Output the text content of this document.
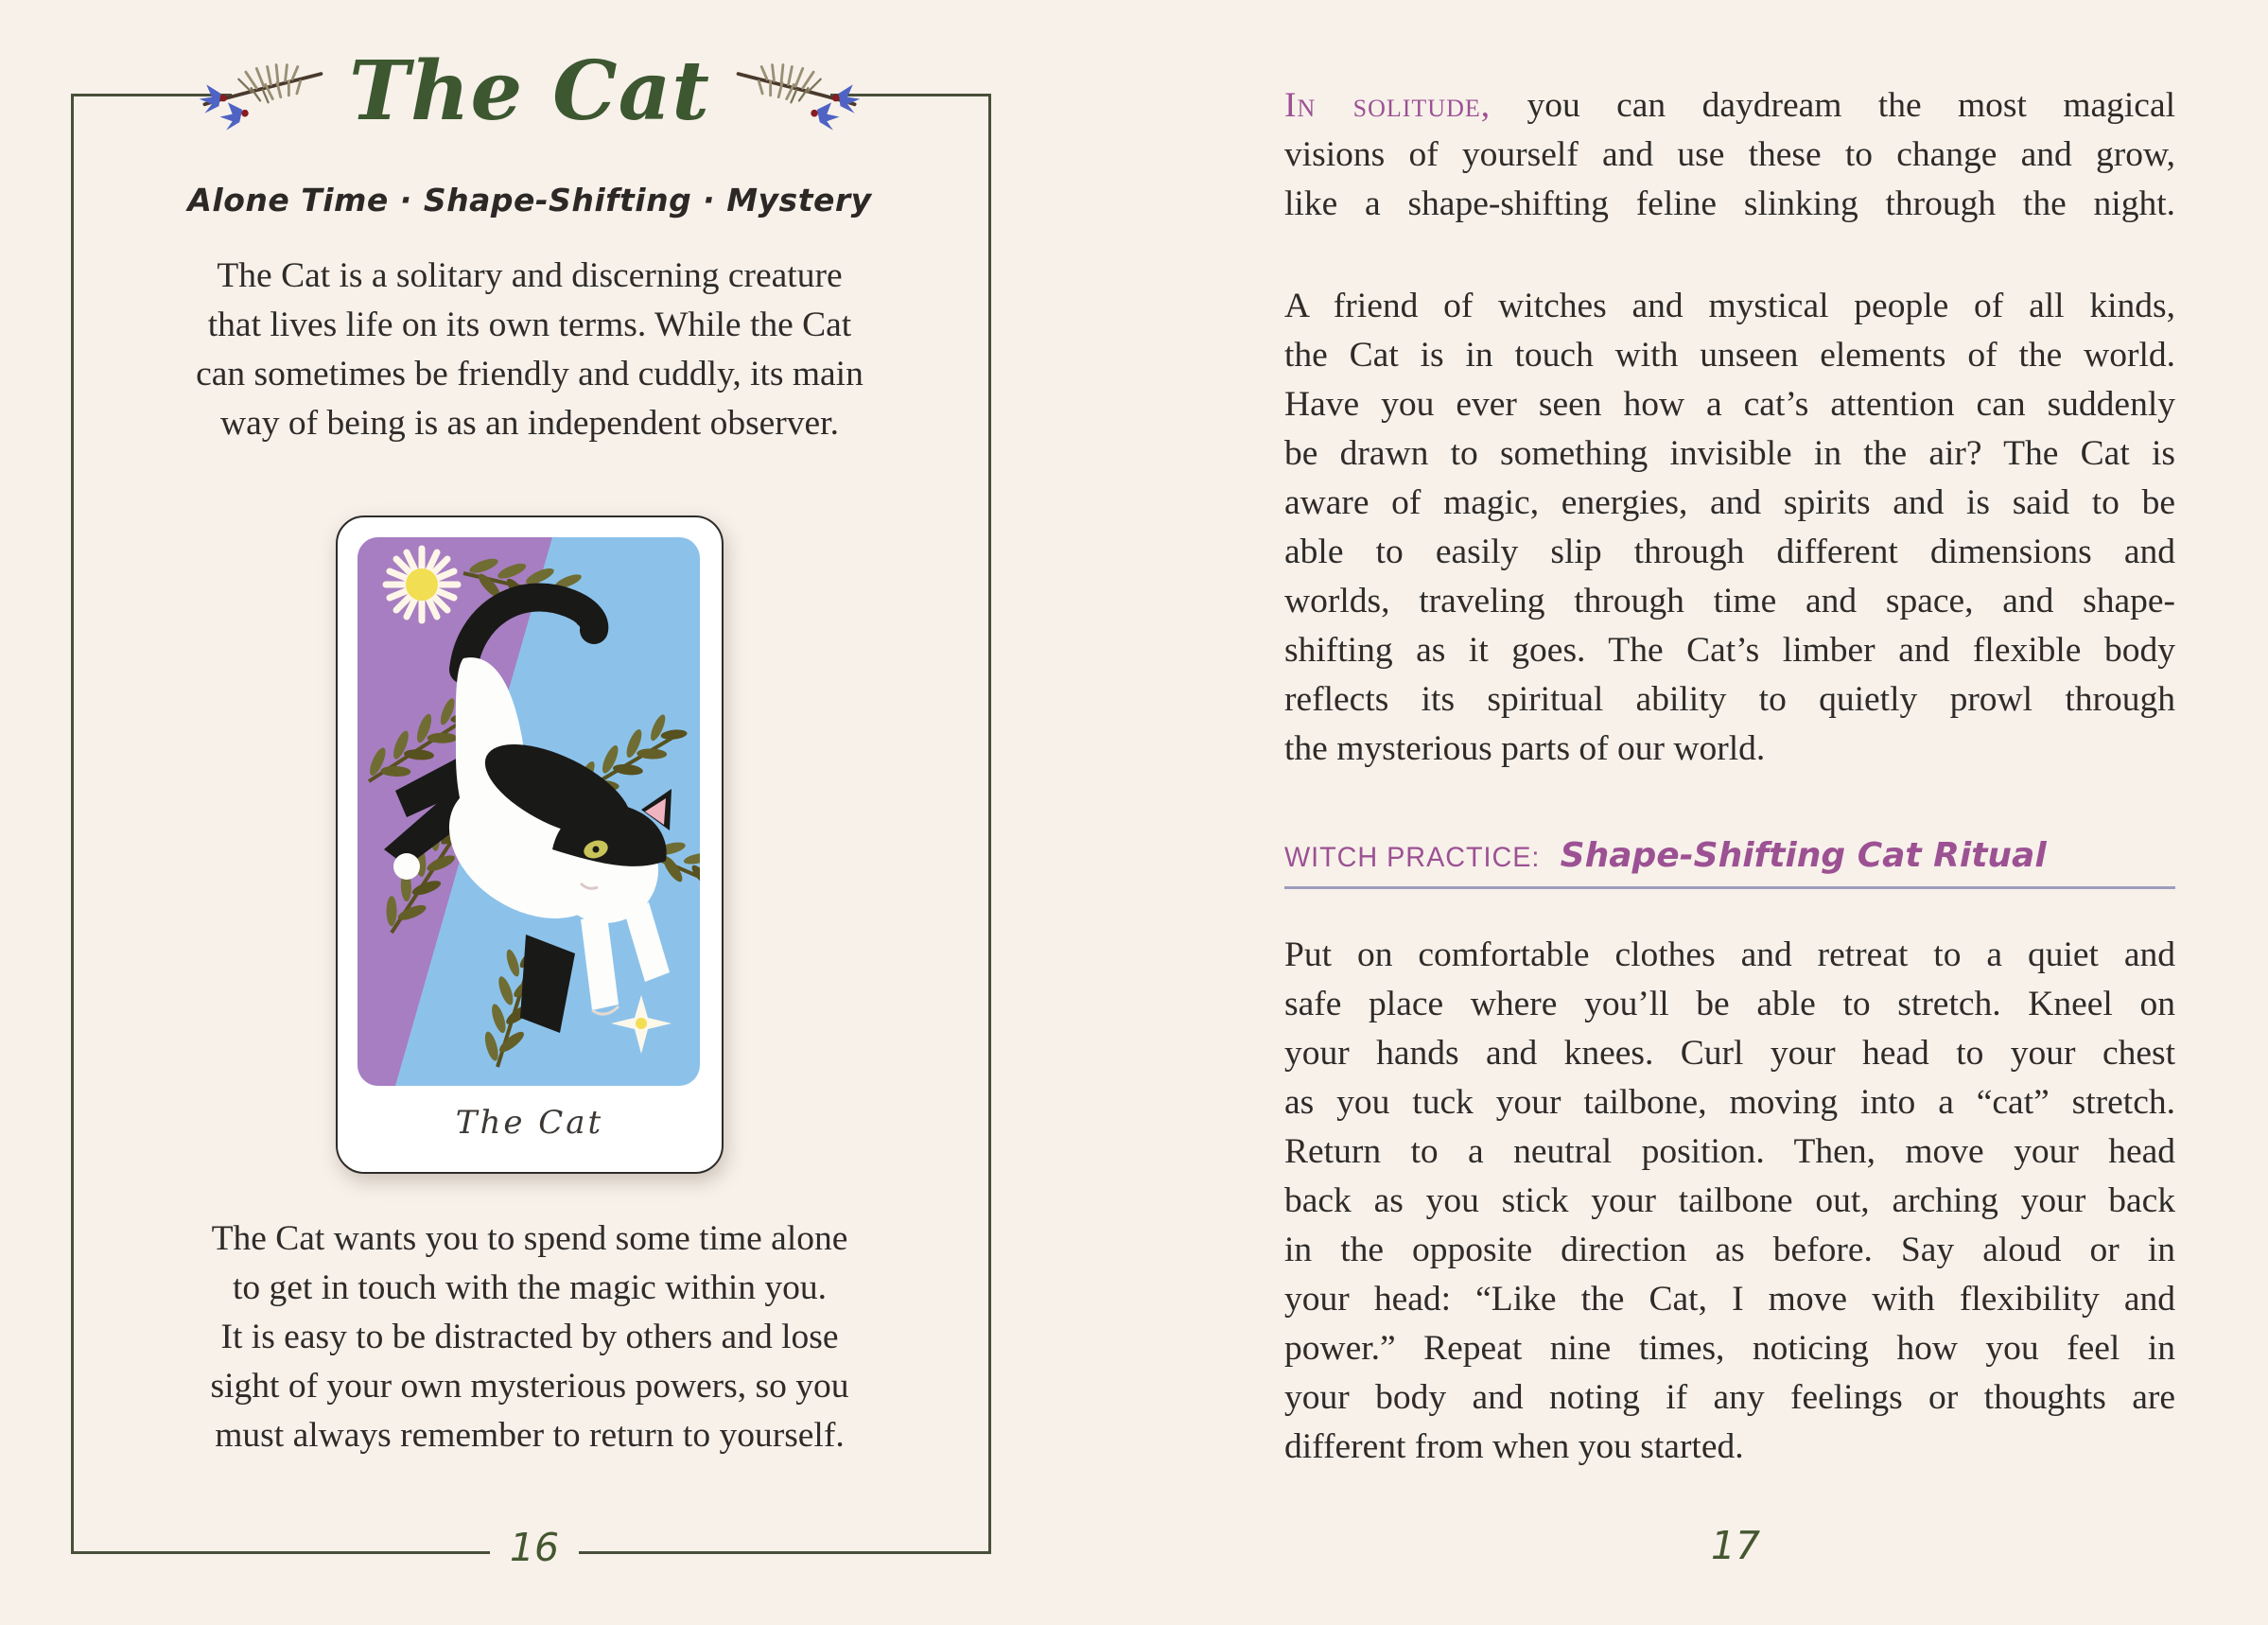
The Cat
Alone Time · Shape-Shifting · Mystery
The Cat is a solitary and discerning creature
that lives life on its own terms. While the Cat
can sometimes be friendly and cuddly, its main
way of being is as an independent observer.
The Cat
The Cat wants you to spend some time alone
to get in touch with the magic within you.
It is easy to be distracted by others and lose
sight of your own mysterious powers, so you
must always remember to return to yourself.
16
In solitude, you can daydream the most magical
visions of yourself and use these to change and grow,
like a shape-shifting feline slinking through the night.
A friend of witches and mystical people of all kinds,
the Cat is in touch with unseen elements of the world.
Have you ever seen how a cat’s attention can suddenly
be drawn to something invisible in the air? The Cat is
aware of magic, energies, and spirits and is said to be
able to easily slip through different dimensions and
worlds, traveling through time and space, and shape-
shifting as it goes. The Cat’s limber and flexible body
reflects its spiritual ability to quietly prowl through
the mysterious parts of our world.
WITCH PRACTICE: Shape-Shifting Cat Ritual
Put on comfortable clothes and retreat to a quiet and
safe place where you’ll be able to stretch. Kneel on
your hands and knees. Curl your head to your chest
as you tuck your tailbone, moving into a “cat” stretch.
Return to a neutral position. Then, move your head
back as you stick your tailbone out, arching your back
in the opposite direction as before. Say aloud or in
your head: “Like the Cat, I move with flexibility and
power.” Repeat nine times, noticing how you feel in
your body and noting if any feelings or thoughts are
different from when you started.
17
